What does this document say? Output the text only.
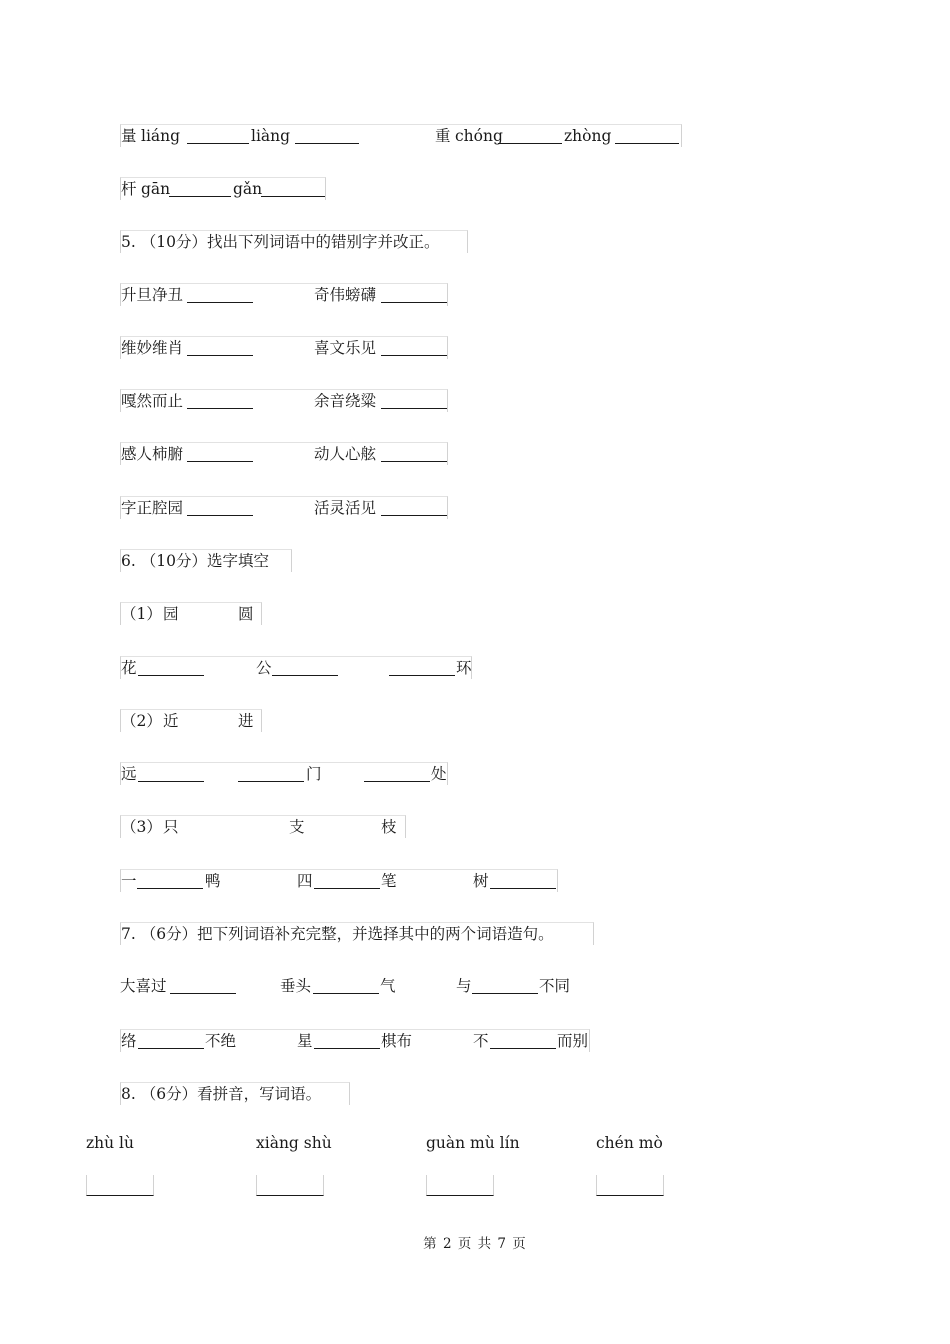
量 liáng	liàng	重 chóng	zhòng
杆 gān	gǎn
5. （10分）找出下列词语中的错别字并改正。
升旦净丑	奇伟螃礴
维妙维肖	喜文乐见
嘎然而止	余音绕粱
感人柿腑	动人心舷
字正腔园	活灵活见
6. （10分）选字填空
（1） 园	圆
花	公	环
（2） 近	进
远	门	处
（3） 只	支	枝
一	鸭	四	笔	树
7. （6分）把下列词语补充完整，并选择其中的两个词语造句。
大喜过	垂头	气	与	不同
络	不绝	星	棋布	不	而别
8. （6分）看拼音，写词语。
zhù lù	xiàng shù	guàn mù lín	chén mò
第 2 页 共 7 页
